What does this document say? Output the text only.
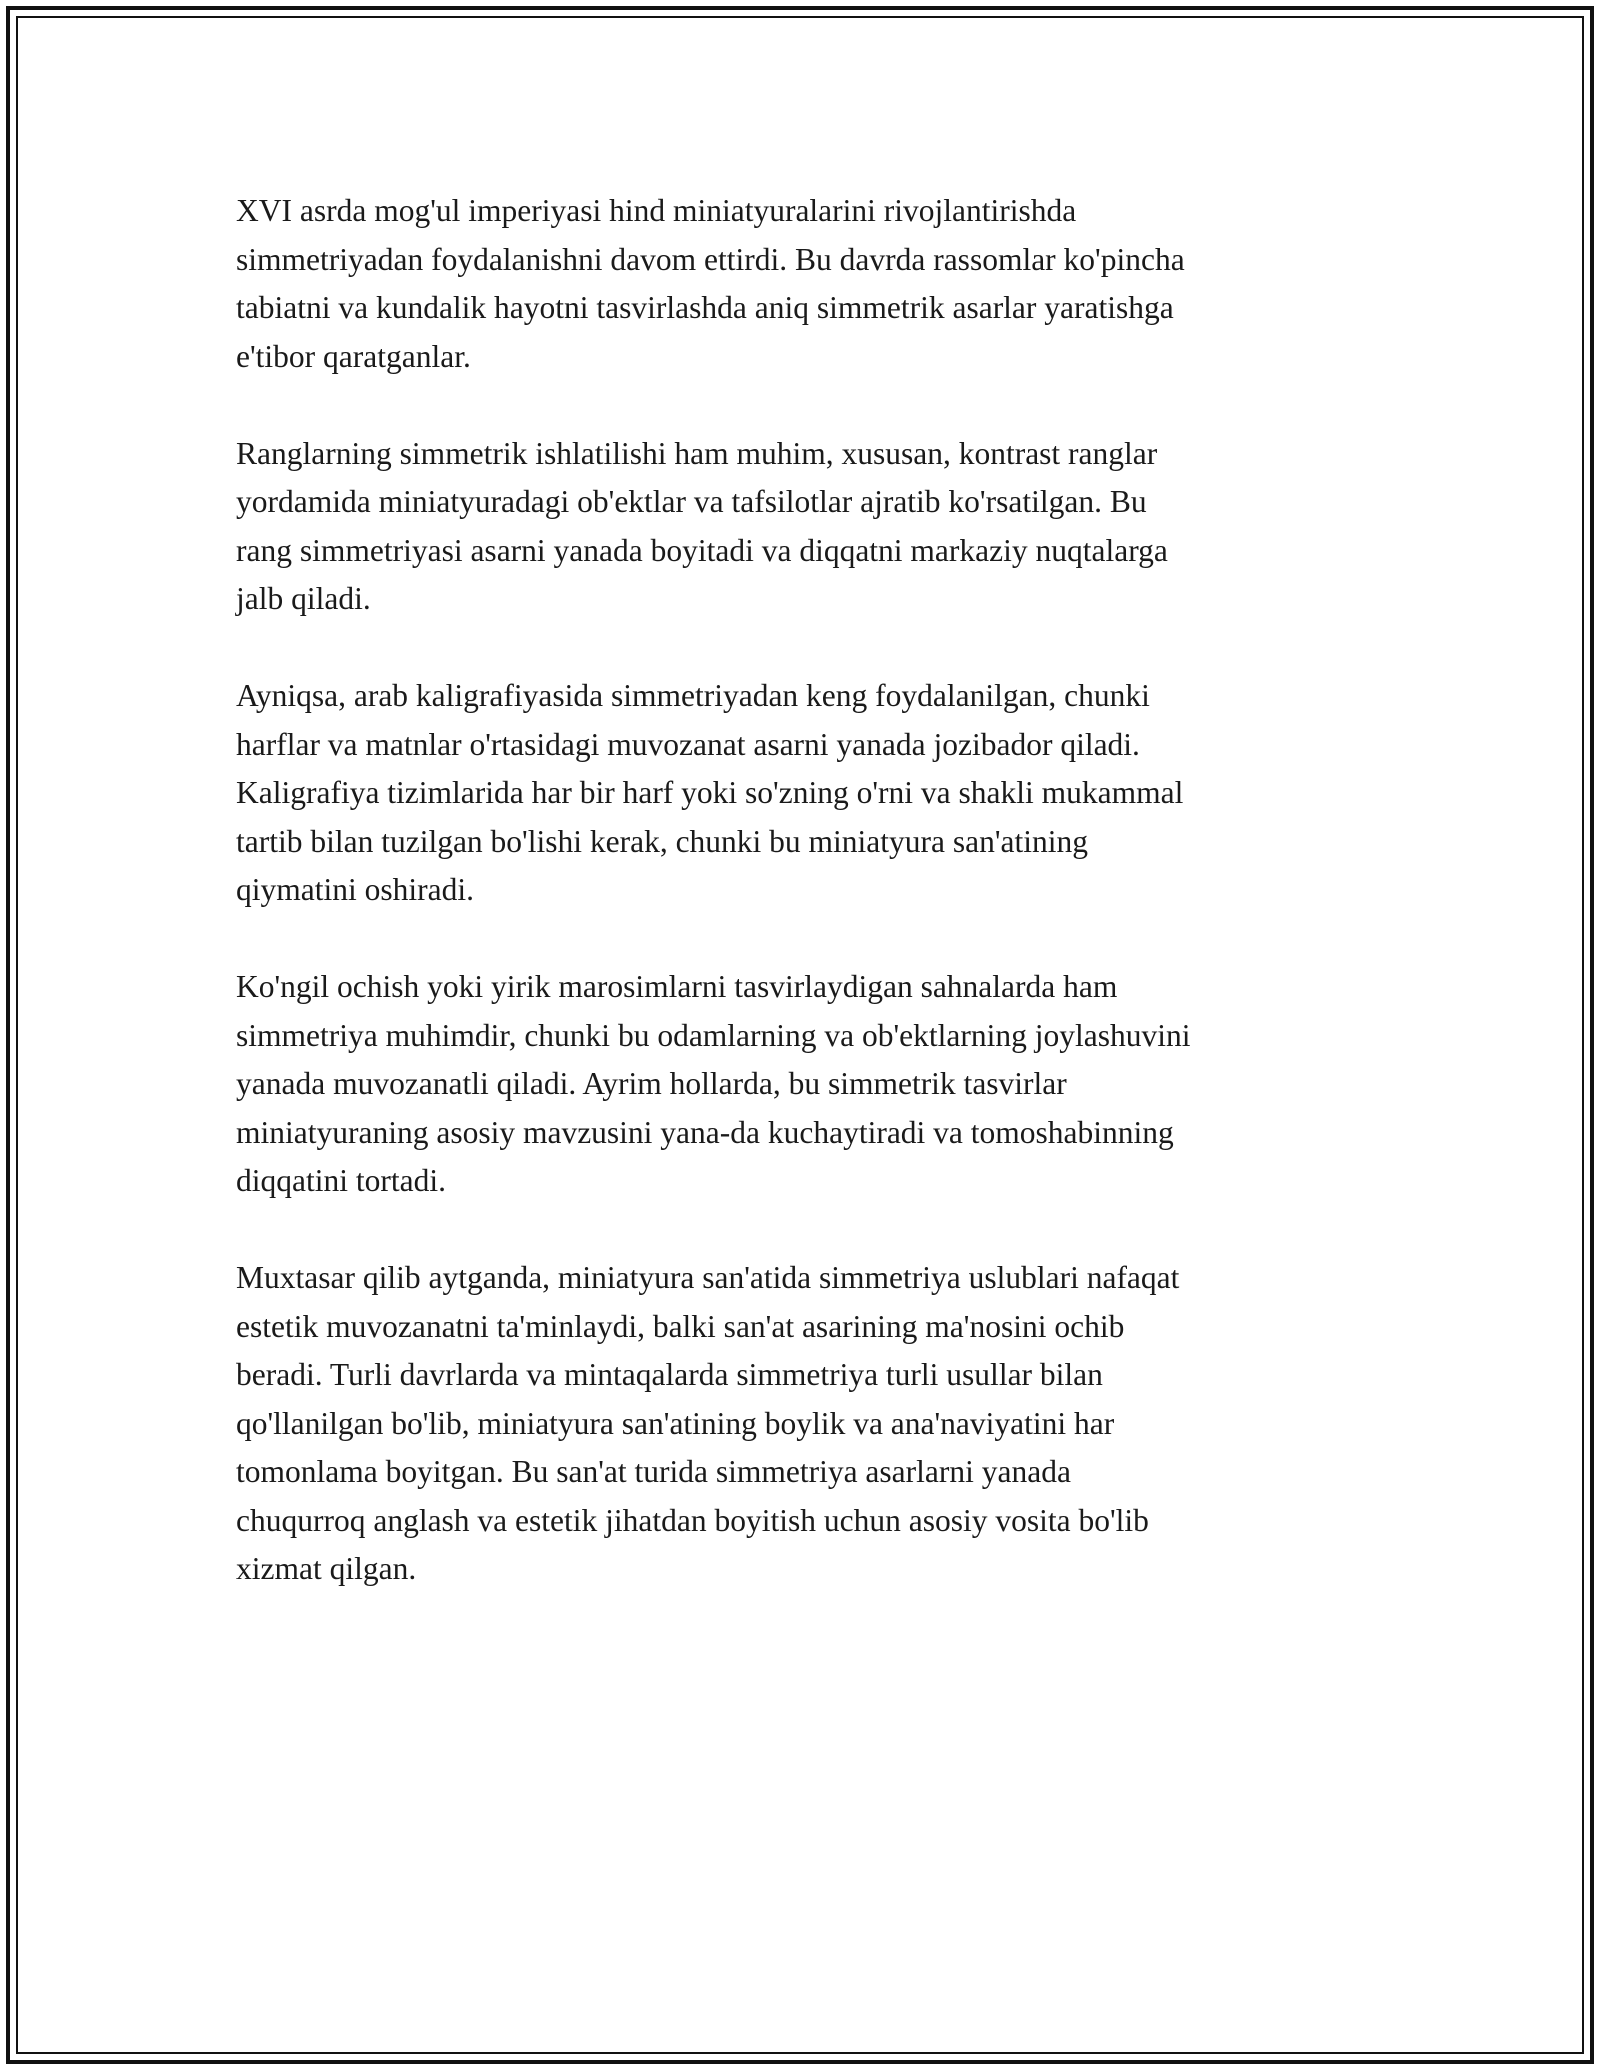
XVI asrda mog'ul imperiyasi hind miniatyuralarini rivojlantirishda
simmetriyadan foydalanishni davom ettirdi. Bu davrda rassomlar ko'pincha
tabiatni va kundalik hayotni tasvirlashda aniq simmetrik asarlar yaratishga
e'tibor qaratganlar.

Ranglarning simmetrik ishlatilishi ham muhim, xususan, kontrast ranglar
yordamida miniatyuradagi ob'ektlar va tafsilotlar ajratib ko'rsatilgan. Bu
rang simmetriyasi asarni yanada boyitadi va diqqatni markaziy nuqtalarga
jalb qiladi.

Ayniqsa, arab kaligrafiyasida simmetriyadan keng foydalanilgan, chunki
harflar va matnlar o'rtasidagi muvozanat asarni yanada jozibador qiladi.
Kaligrafiya tizimlarida har bir harf yoki so'zning o'rni va shakli mukammal
tartib bilan tuzilgan bo'lishi kerak, chunki bu miniatyura san'atining
qiymatini oshiradi.

Ko'ngil ochish yoki yirik marosimlarni tasvirlaydigan sahnalarda ham
simmetriya muhimdir, chunki bu odamlarning va ob'ektlarning joylashuvini
yanada muvozanatli qiladi. Ayrim hollarda, bu simmetrik tasvirlar
miniatyuraning asosiy mavzusini yana-da kuchaytiradi va tomoshabinning
diqqatini tortadi.

Muxtasar qilib aytganda, miniatyura san'atida simmetriya uslublari nafaqat
estetik muvozanatni ta'minlaydi, balki san'at asarining ma'nosini ochib
beradi. Turli davrlarda va mintaqalarda simmetriya turli usullar bilan
qo'llanilgan bo'lib, miniatyura san'atining boylik va ana'naviyatini har
tomonlama boyitgan. Bu san'at turida simmetriya asarlarni yanada
chuqurroq anglash va estetik jihatdan boyitish uchun asosiy vosita bo'lib
xizmat qilgan.
